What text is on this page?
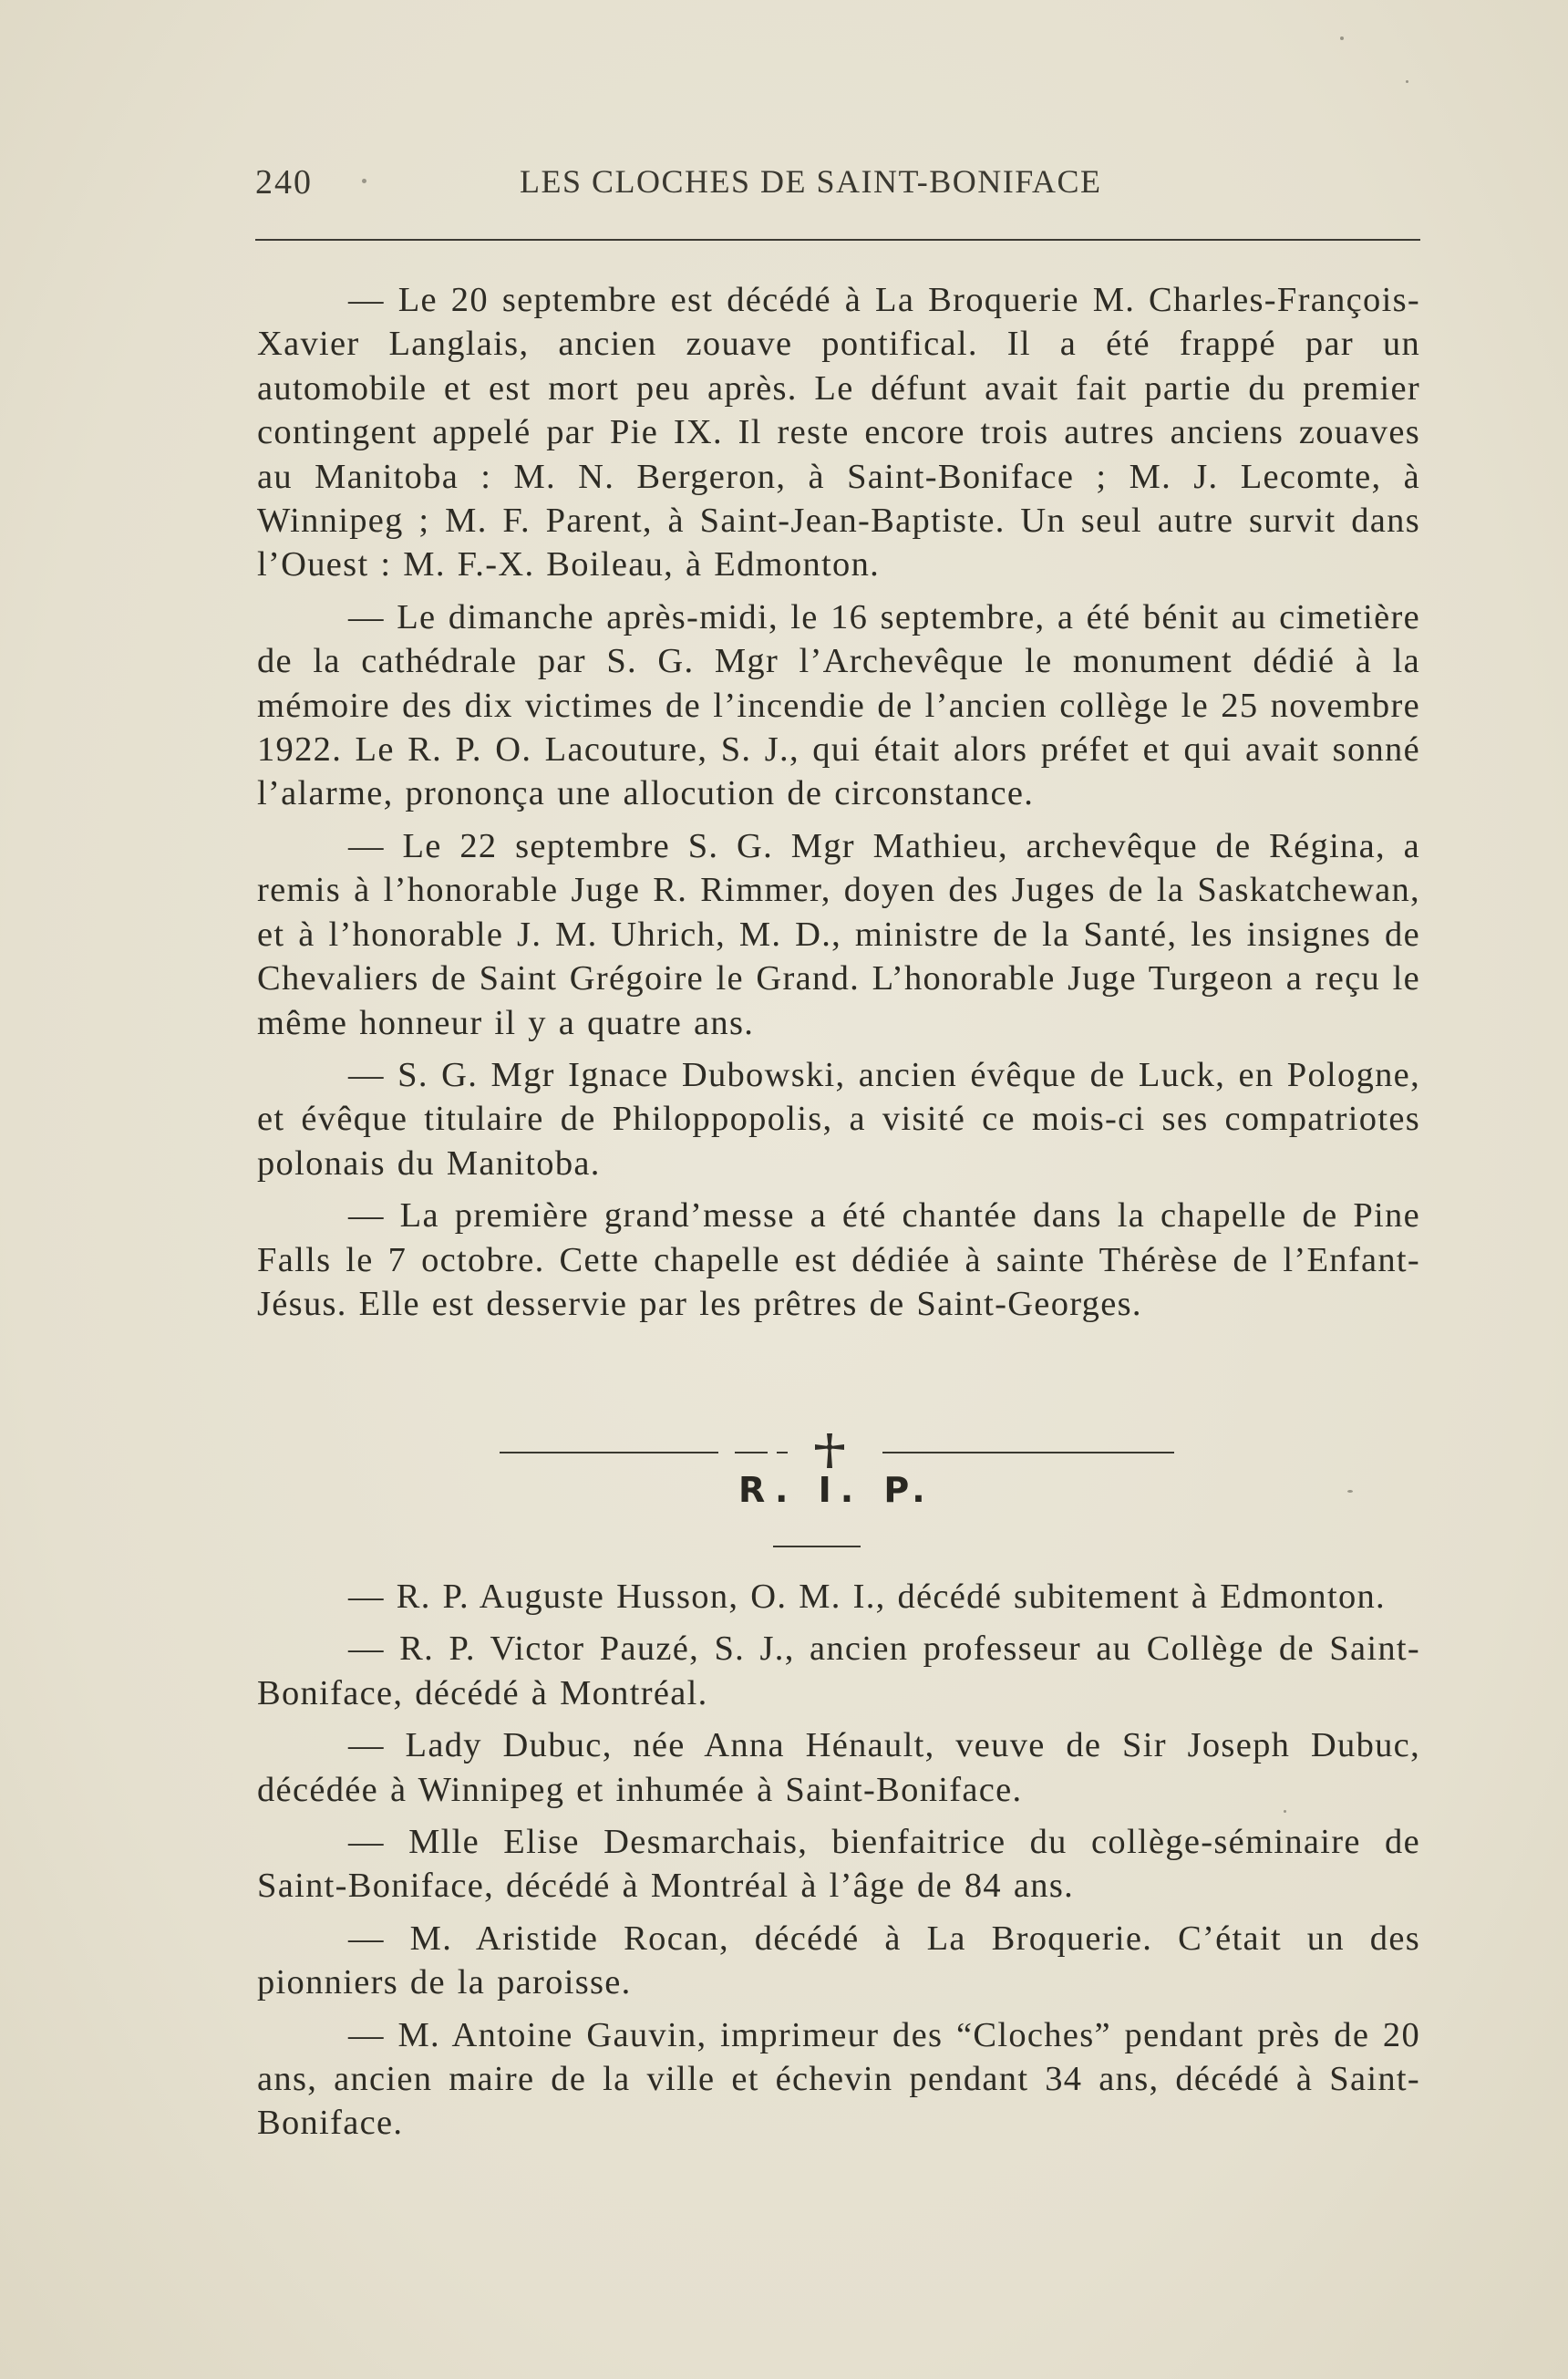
240	LES CLOCHES DE SAINT-BONIFACE

— Le 20 septembre est décédé à La Broquerie M. Charles-François-Xavier Langlais, ancien zouave pontifical. Il a été frappé par un automobile et est mort peu après. Le défunt avait fait partie du premier contingent appelé par Pie IX. Il reste encore trois autres anciens zouaves au Manitoba : M. N. Bergeron, à Saint-Boniface ; M. J. Lecomte, à Winnipeg ; M. F. Parent, à Saint-Jean-Baptiste. Un seul autre survit dans l’Ouest : M. F.-X. Boileau, à Edmonton.

— Le dimanche après-midi, le 16 septembre, a été bénit au cimetière de la cathédrale par S. G. Mgr l’Archevêque le monument dédié à la mémoire des dix victimes de l’incendie de l’ancien collège le 25 novembre 1922. Le R. P. O. Lacouture, S. J., qui était alors préfet et qui avait sonné l’alarme, prononça une allocution de circonstance.

— Le 22 septembre S. G. Mgr Mathieu, archevêque de Régina, a remis à l’honorable Juge R. Rimmer, doyen des Juges de la Saskatchewan, et à l’honorable J. M. Uhrich, M. D., ministre de la Santé, les insignes de Chevaliers de Saint Grégoire le Grand. L’honorable Juge Turgeon a reçu le même honneur il y a quatre ans.

— S. G. Mgr Ignace Dubowski, ancien évêque de Luck, en Pologne, et évêque titulaire de Philoppopolis, a visité ce mois-ci ses compatriotes polonais du Manitoba.

— La première grand’messe a été chantée dans la chapelle de Pine Falls le 7 octobre. Cette chapelle est dédiée à sainte Thérèse de l’Enfant-Jésus. Elle est desservie par les prêtres de Saint-Georges.

R. I. P.

— R. P. Auguste Husson, O. M. I., décédé subitement à Edmonton.

— R. P. Victor Pauzé, S. J., ancien professeur au Collège de Saint-Boniface, décédé à Montréal.

— Lady Dubuc, née Anna Hénault, veuve de Sir Joseph Dubuc, décédée à Winnipeg et inhumée à Saint-Boniface.

— Mlle Elise Desmarchais, bienfaitrice du collège-séminaire de Saint-Boniface, décédé à Montréal à l’âge de 84 ans.

— M. Aristide Rocan, décédé à La Broquerie. C’était un des pionniers de la paroisse.

— M. Antoine Gauvin, imprimeur des “Cloches” pendant près de 20 ans, ancien maire de la ville et échevin pendant 34 ans, décédé à Saint-Boniface.
